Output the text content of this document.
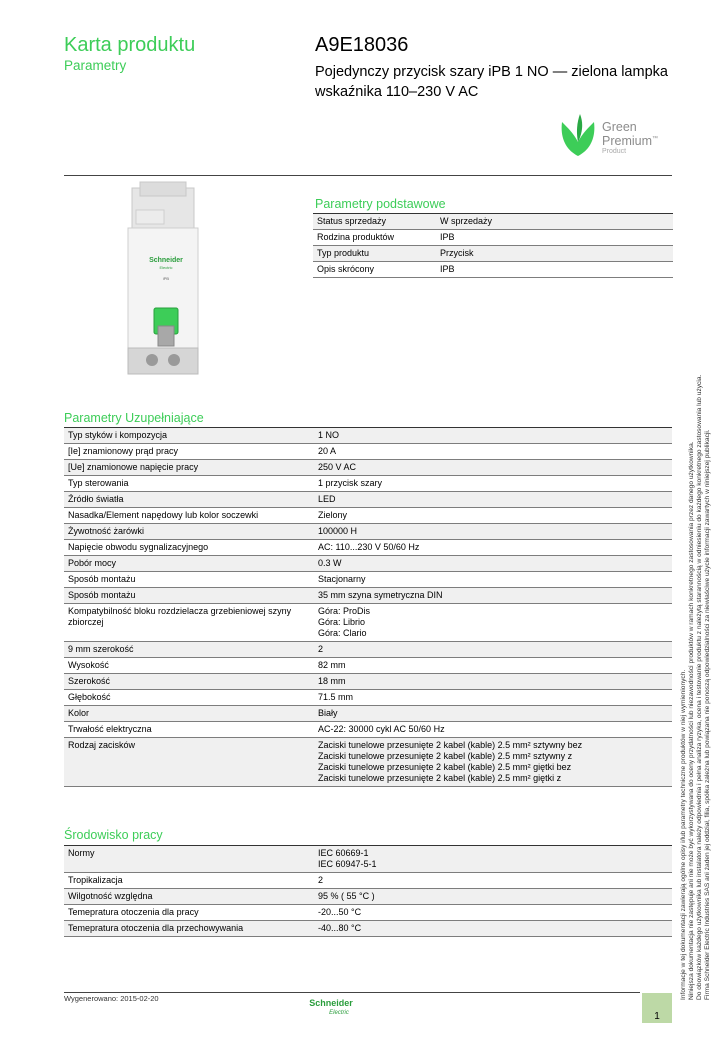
Karta produktu
Parametry
A9E18036
Pojedynczy przycisk szary iPB 1 NO — zielona lampka wskaźnika 110–230 V AC
Green
Premium™
Product
Schneider
Electric
iPB
Parametry podstawowe
Status sprzedaży	W sprzedaży
Rodzina produktów	IPB
Typ produktu	Przycisk
Opis skrócony	IPB
Parametry Uzupełniające
Typ styków i kompozycja	1 NO
[Ie] znamionowy prąd pracy	20 A
[Ue] znamionowe napięcie pracy	250 V AC
Typ sterowania	1 przycisk szary
Źródło światła	LED
Nasadka/Element napędowy lub kolor soczewki	Zielony
Żywotność żarówki	100000 H
Napięcie obwodu sygnalizacyjnego	AC: 110...230 V 50/60 Hz
Pobór mocy	0.3 W
Sposób montażu	Stacjonarny
Sposób montażu	35 mm szyna symetryczna DIN
Kompatybilność bloku rozdzielacza grzebieniowej szyny zbiorczej	Góra: ProDis
Góra: Librio
Góra: Clario
9 mm szerokość	2
Wysokość	82 mm
Szerokość	18 mm
Głębokość	71.5 mm
Kolor	Biały
Trwałość elektryczna	AC-22: 30000 cykl AC 50/60 Hz
Rodzaj zacisków	Zaciski tunelowe przesunięte 2 kabel (kable) 2.5 mm² sztywny bez
Zaciski tunelowe przesunięte 2 kabel (kable) 2.5 mm² sztywny z
Zaciski tunelowe przesunięte 2 kabel (kable) 2.5 mm² giętki bez
Zaciski tunelowe przesunięte 2 kabel (kable) 2.5 mm² giętki z

Środowisko pracy
Normy	IEC 60669-1
IEC 60947-5-1
Tropikalizacja	2
Wilgotność względna	95 % ( 55 °C )
Temepratura otoczenia dla pracy	-20...50 °C
Temepratura otoczenia dla przechowywania	-40...80 °C	Informacje w tej dokumentacji zawierają ogólne opisy i/lub parametry techniczne produktów w niej wymienionych. Niniejsza dokumentacja nie zastępuje ani nie może być wykorzystywana do oceny przydatności lub niezawodności produktów w ramach konkretnego zastosowania przez danego użytkownika. Do obowiązków każdego użytkownika lub instalatora należy odpowiednia i pełna analiza ryzyka, ocena i testowanie produktu z należytą starannością w odniesieniu do każdego konkretnego zastosowania lub użycia. Firma Schneider Electric Industries SAS ani żaden jej oddział, filia, spółka zależna lub powiązana nie ponoszą odpowiedzialności za niewłaściwe użycie informacji zawartych w niniejszej publikacji.
Wygenerowano: 2015-02-20	Schneider
Electric	1
